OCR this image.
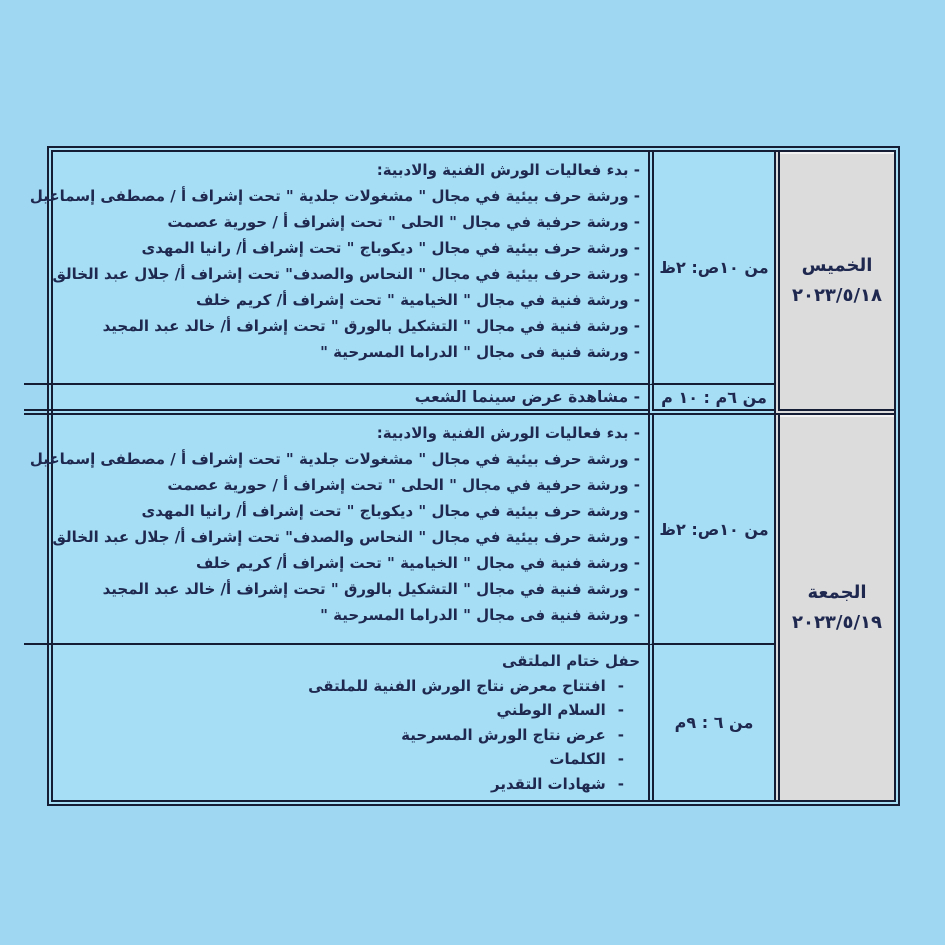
الخميس
٢٠٢٣/٥/١٨
الجمعة
٢٠٢٣/٥/١٩
من ١٠ص: ٢ظ
من ٦م : ١٠ م
من ١٠ص: ٢ظ
من ٦ : ٩م
- بدء فعاليات الورش الفنية والادبية:
- ورشة حرف بيئية في مجال " مشغولات جلدية " تحت إشراف أ / مصطفى إسماعيل
- ورشة حرفية في مجال " الحلى " تحت إشراف أ / حورية عصمت
- ورشة حرف بيئية في مجال " ديكوباج " تحت إشراف أ/ رانيا المهدى
- ورشة حرف بيئية في مجال " النحاس والصدف" تحت إشراف أ/ جلال عبد الخالق
- ورشة فنية في مجال " الخيامية " تحت إشراف أ/ كريم خلف
- ورشة فنية في مجال " التشكيل بالورق " تحت إشراف أ/ خالد عبد المجيد
- ورشة فنية فى مجال " الدراما المسرحية "
- مشاهدة عرض سينما الشعب
- بدء فعاليات الورش الفنية والادبية:
- ورشة حرف بيئية في مجال " مشغولات جلدية " تحت إشراف أ / مصطفى إسماعيل
- ورشة حرفية في مجال " الحلى " تحت إشراف أ / حورية عصمت
- ورشة حرف بيئية في مجال " ديكوباج " تحت إشراف أ/ رانيا المهدى
- ورشة حرف بيئية في مجال " النحاس والصدف" تحت إشراف أ/ جلال عبد الخالق
- ورشة فنية في مجال " الخيامية " تحت إشراف أ/ كريم خلف
- ورشة فنية في مجال " التشكيل بالورق " تحت إشراف أ/ خالد عبد المجيد
- ورشة فنية فى مجال " الدراما المسرحية "
حفل ختام الملتقى
-
افتتاح معرض نتاج الورش الفنية للملتقى
-
السلام الوطني
-
عرض نتاج الورش المسرحية
-
الكلمات
-
شهادات التقدير
